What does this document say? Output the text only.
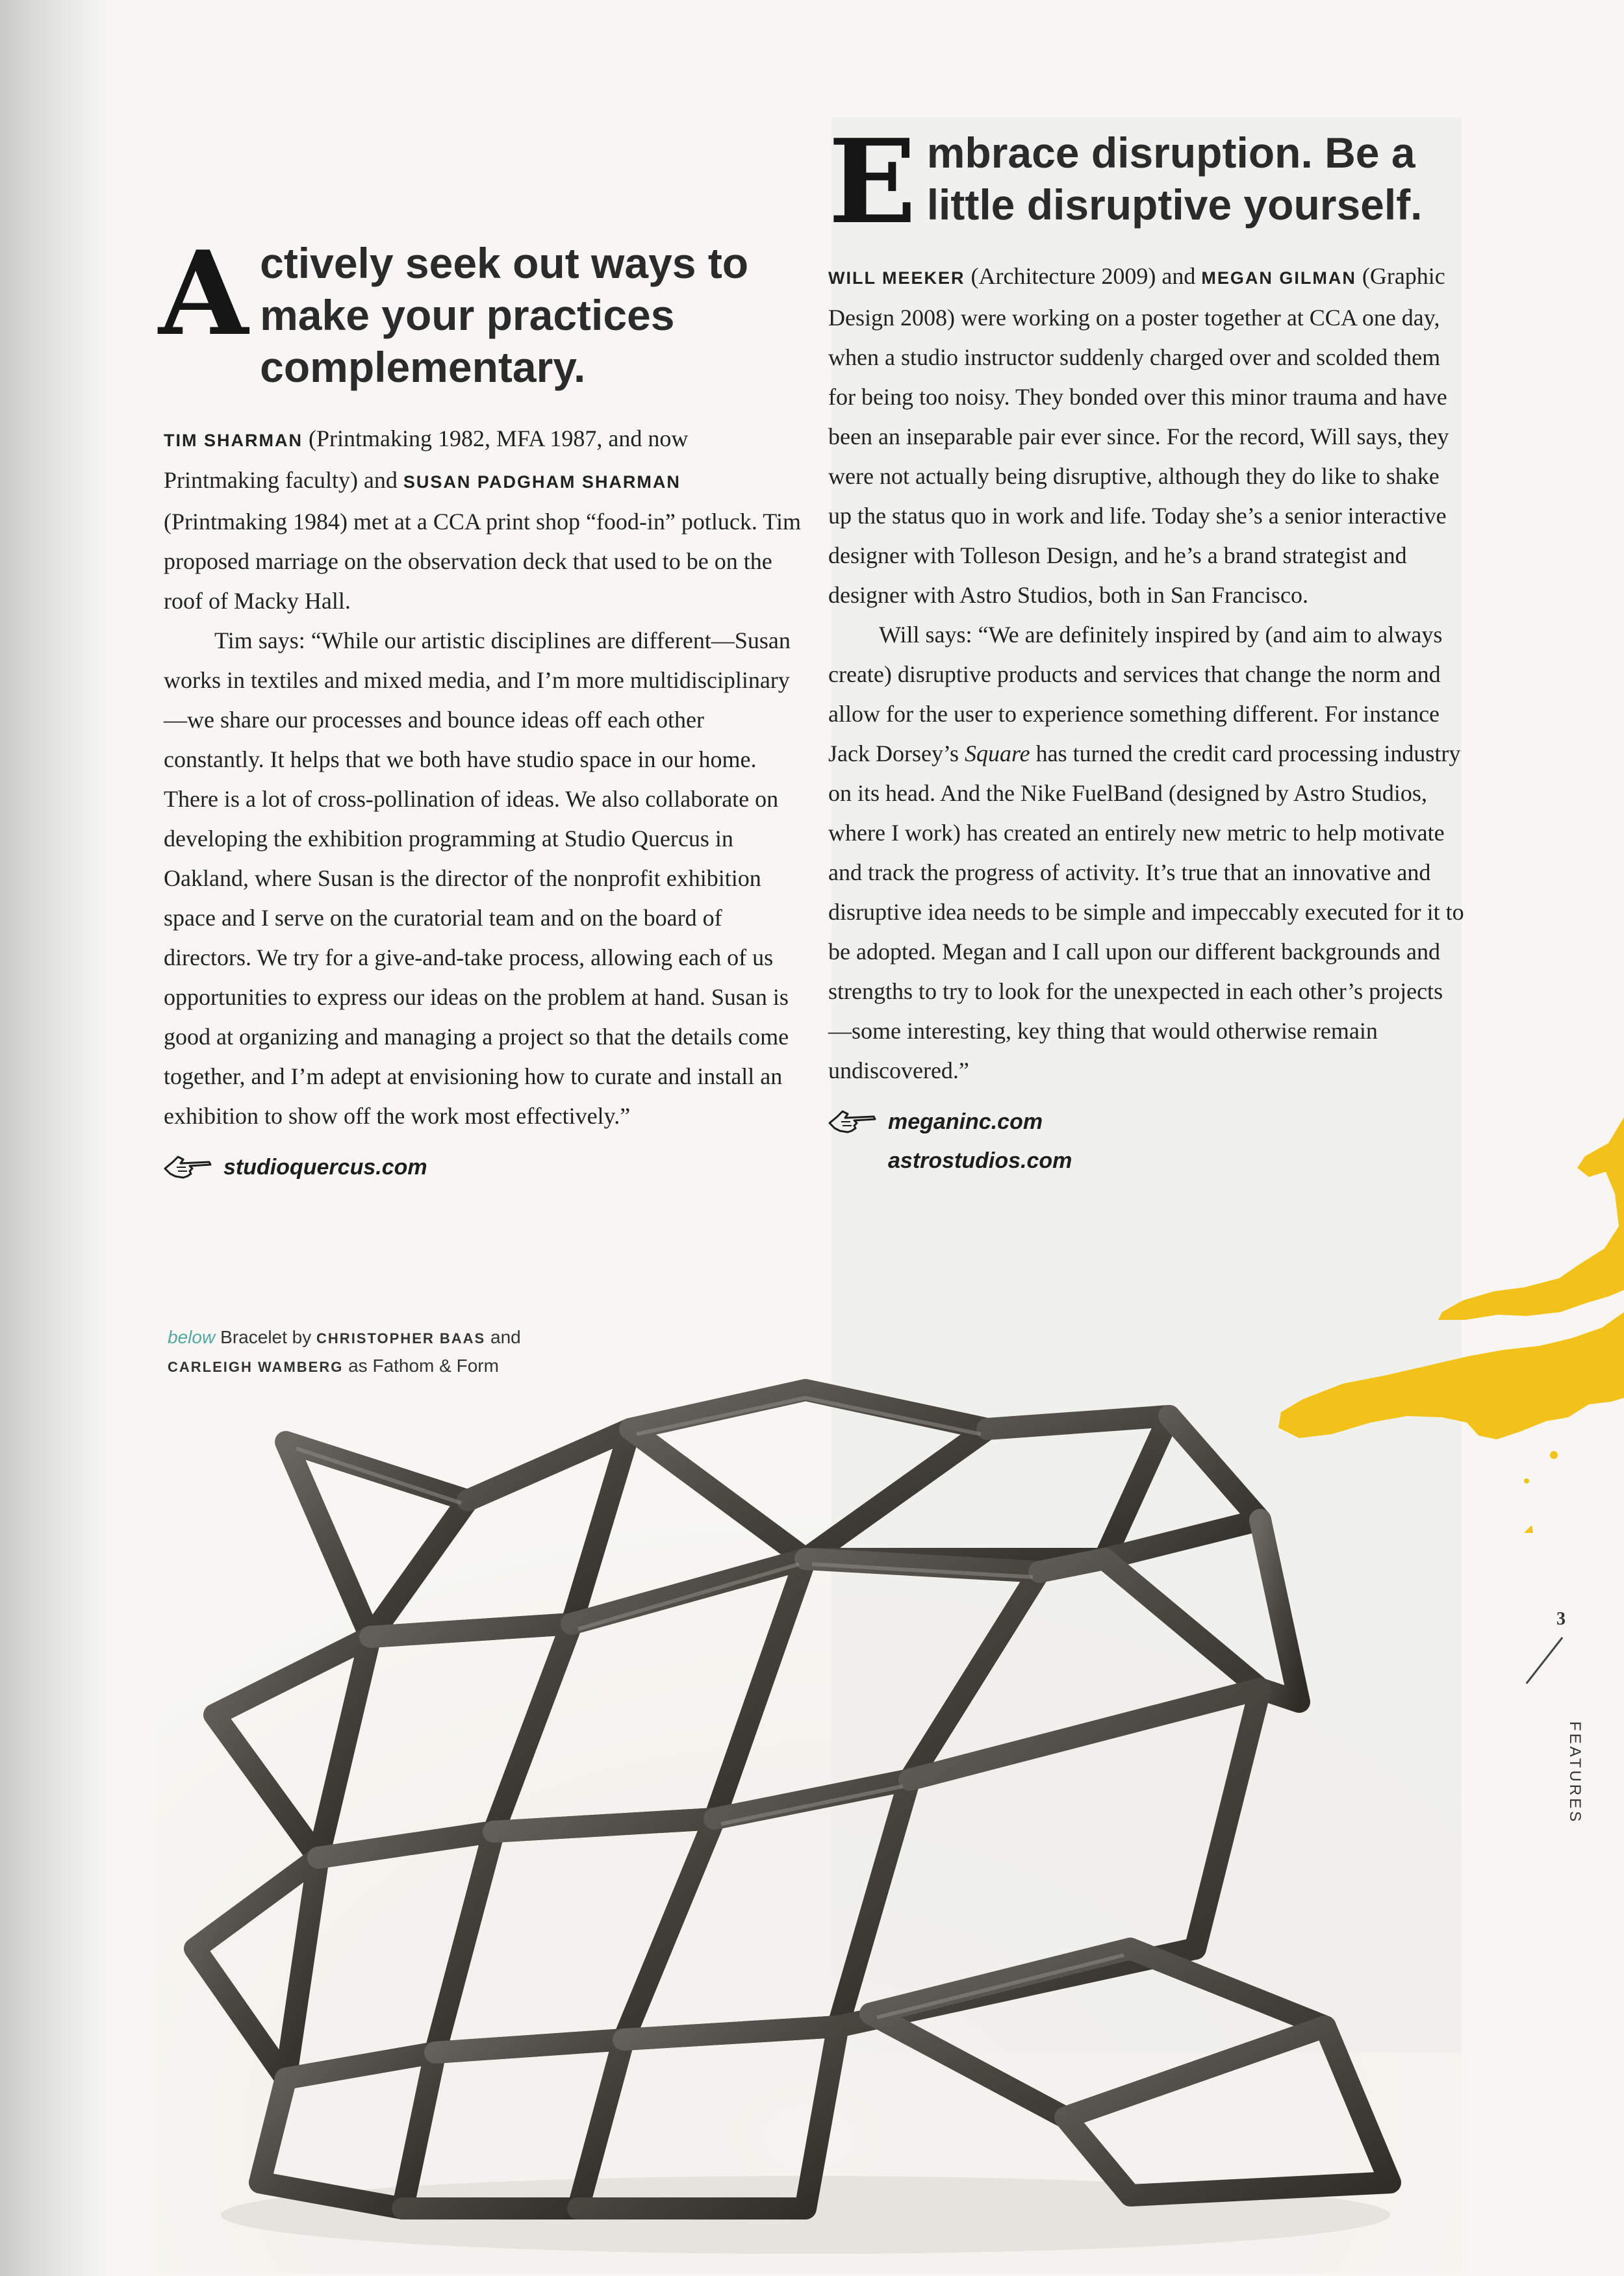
A ctively seek out ways to make your practices complementary.

TIM SHARMAN (Printmaking 1982, MFA 1987, and now Printmaking faculty) and SUSAN PADGHAM SHARMAN (Printmaking 1984) met at a CCA print shop “food-in” potluck. Tim proposed marriage on the observation deck that used to be on the roof of Macky Hall.

Tim says: “While our artistic disciplines are different—Susan works in textiles and mixed media, and I’m more multidisciplinary—we share our processes and bounce ideas off each other constantly. It helps that we both have studio space in our home. There is a lot of cross-pollination of ideas. We also collaborate on developing the exhibition programming at Studio Quercus in Oakland, where Susan is the director of the nonprofit exhibition space and I serve on the curatorial team and on the board of directors. We try for a give-and-take process, allowing each of us opportunities to express our ideas on the problem at hand. Susan is good at organizing and managing a project so that the details come together, and I’m adept at envisioning how to curate and install an exhibition to show off the work most effectively.”

studioquercus.com
E mbrace disruption. Be a little disruptive yourself.

WILL MEEKER (Architecture 2009) and MEGAN GILMAN (Graphic Design 2008) were working on a poster together at CCA one day, when a studio instructor suddenly charged over and scolded them for being too noisy. They bonded over this minor trauma and have been an inseparable pair ever since. For the record, Will says, they were not actually being disruptive, although they do like to shake up the status quo in work and life. Today she’s a senior interactive designer with Tolleson Design, and he’s a brand strategist and designer with Astro Studios, both in San Francisco.

Will says: “We are definitely inspired by (and aim to always create) disruptive products and services that change the norm and allow for the user to experience something different. For instance Jack Dorsey’s Square has turned the credit card processing industry on its head. And the Nike FuelBand (designed by Astro Studios, where I work) has created an entirely new metric to help motivate and track the progress of activity. It’s true that an innovative and disruptive idea needs to be simple and impeccably executed for it to be adopted. Megan and I call upon our different backgrounds and strengths to try to look for the unexpected in each other’s projects—some interesting, key thing that would otherwise remain undiscovered.”

meganinc.com
astrostudios.com
below Bracelet by CHRISTOPHER BAAS and

3
FEATURES
